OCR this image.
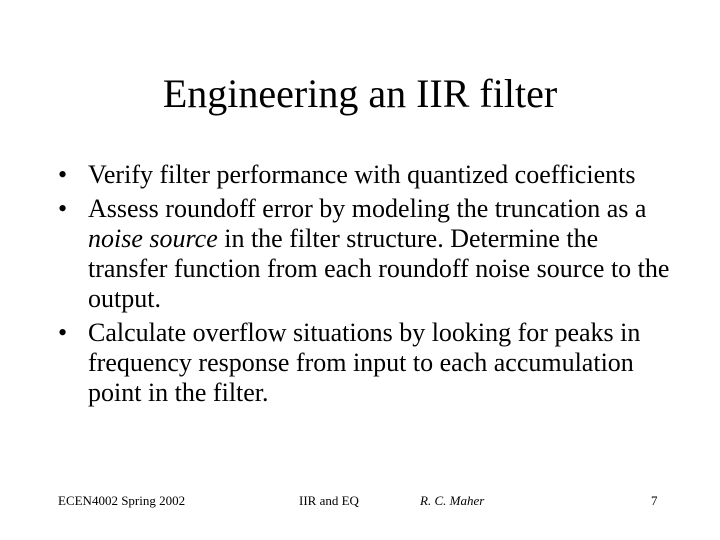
Engineering an IIR filter
• Verify filter performance with quantized coefficients
• Assess roundoff error by modeling the truncation as a noise source in the filter structure. Determine the transfer function from each roundoff noise source to the output.
• Calculate overflow situations by looking for peaks in frequency response from input to each accumulation point in the filter.
ECEN4002 Spring 2002	IIR and EQ	R. C. Maher	7
